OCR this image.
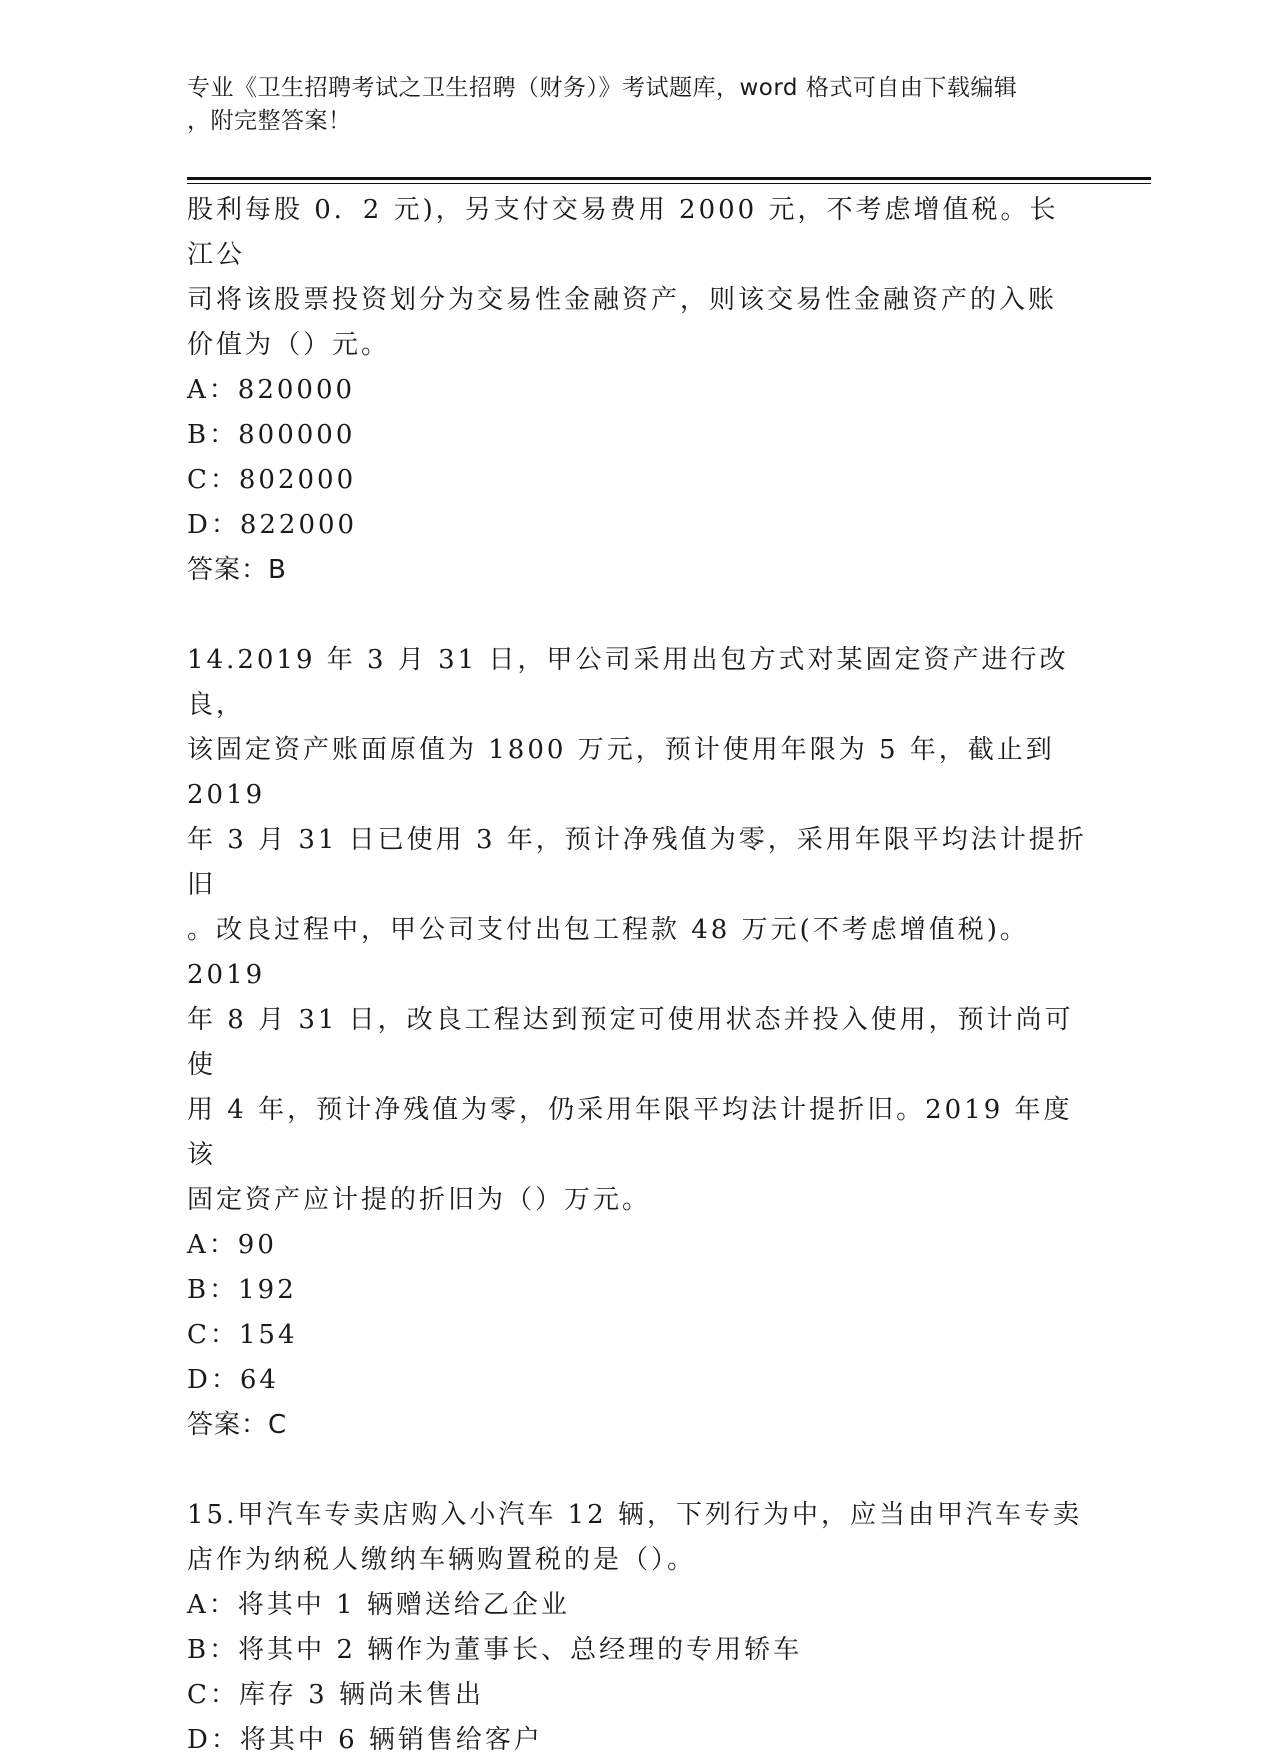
专业《卫生招聘考试之卫生招聘（财务）》考试题库，word 格式可自由下载编辑
，附完整答案！

股利每股 0．2 元)，另支付交易费用 2000 元，不考虑增值税。长江公

司将该股票投资划分为交易性金融资产，则该交易性金融资产的入账

价值为（）元。

A：820000

B：800000

C：802000

D：822000

答案：B

14.2019 年 3 月 31 日，甲公司采用出包方式对某固定资产进行改良，

该固定资产账面原值为 1800 万元，预计使用年限为 5 年，截止到 2019

年 3 月 31 日已使用 3 年，预计净残值为零，采用年限平均法计提折旧

。改良过程中，甲公司支付出包工程款 48 万元(不考虑增值税)。2019

年 8 月 31 日，改良工程达到预定可使用状态并投入使用，预计尚可使

用 4 年，预计净残值为零，仍采用年限平均法计提折旧。2019 年度该

固定资产应计提的折旧为（）万元。

A：90

B：192

C：154

D：64

答案：C

15.甲汽车专卖店购入小汽车 12 辆，下列行为中，应当由甲汽车专卖

店作为纳税人缴纳车辆购置税的是（）。

A：将其中 1 辆赠送给乙企业

B：将其中 2 辆作为董事长、总经理的专用轿车

C：库存 3 辆尚未售出

D：将其中 6 辆销售给客户
